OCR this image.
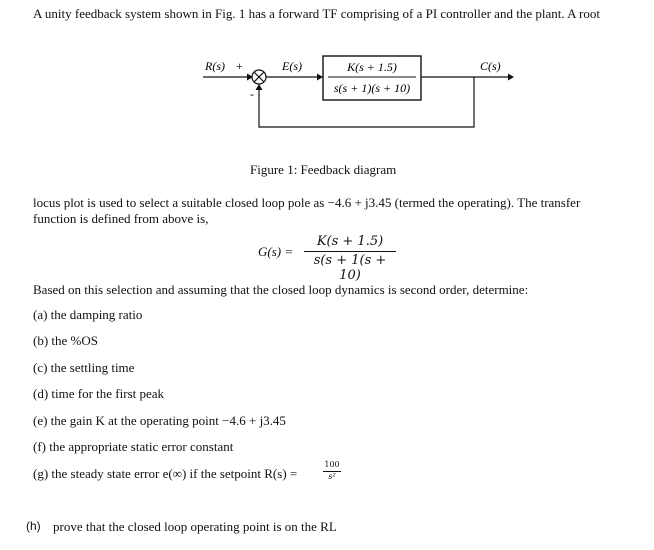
A unity feedback system shown in Fig. 1 has a forward TF comprising of a PI controller and the plant. A root
R(s) +
-
E(s)	K(s + 1.5)
s(s + 1)(s + 10)
C(s)
Figure 1: Feedback diagram
locus plot is used to select a suitable closed loop pole as −4.6 + j3.45 (termed the operating). The transfer
function is defined from above is,
G(s) =
K(s + 1.5)
s(s + 1(s + 10)
Based on this selection and assuming that the closed loop dynamics is second order, determine:
(a) the damping ratio
(b) the %OS
(c) the settling time
(d) time for the first peak
(e) the gain K at the operating point −4.6 + j3.45
(f) the appropriate static error constant
(g) the steady state error e(∞) if the setpoint R(s) =
100
s²
(h) prove that the closed loop operating point is on the RL
